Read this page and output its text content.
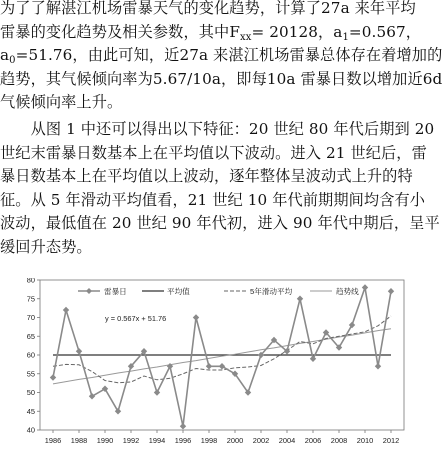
为了了解湛江机场雷暴天气的变化趋势，计算了27a 来年平均
雷暴的变化趋势及相关参数，其中$F_{xx}= 20128$，$a_1=0.567$，
$a_0=51.76$，由此可知，近27a 来湛江机场雷暴总体存在着增加的
趋势，其气候倾向率为5.67/10a，即每10a 雷暴日数以增加近6d
气候倾向率上升。
　　从图 1 中还可以得出以下特征：20 世纪 80 年代后期到 20
世纪末雷暴日数基本上在平均值以下波动。进入 21 世纪后，雷
暴日数基本上在平均值以上波动，逐年整体呈波动式上升的特
征。从 5 年滑动平均值看，21 世纪 10 年代前期期间均含有小
波动，最低值在 20 世纪 90 年代初，进入 90 年代中期后，呈平
缓回升态势。
雷暴日	平均值	5年滑动平均	趋势线
y = 0.567x + 51.76
40
45
50
55
60
65
70
75
80
1986 1988 1990 1992 1994 1996 1998 2000 2002 2004 2006 2008 2010 2012
